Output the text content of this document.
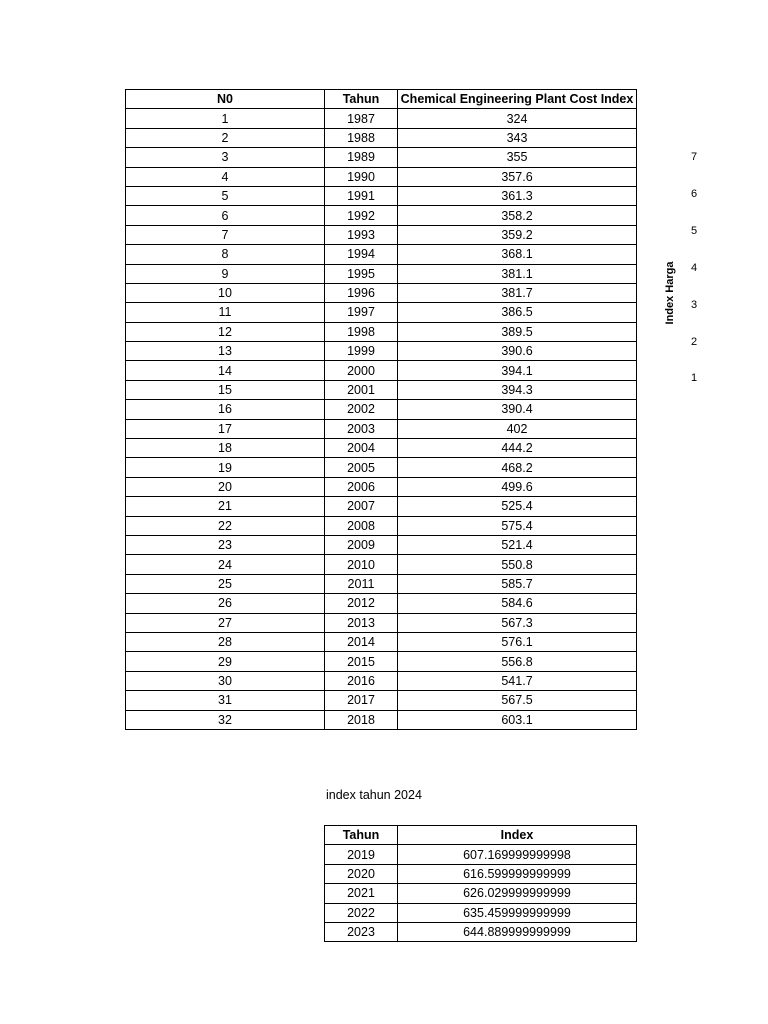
N0	Tahun	Chemical Engineering Plant Cost Index
1	1987	324
2	1988	343
3	1989	355
4	1990	357.6
5	1991	361.3
6	1992	358.2
7	1993	359.2
8	1994	368.1
9	1995	381.1
10	1996	381.7
11	1997	386.5
12	1998	389.5
13	1999	390.6
14	2000	394.1
15	2001	394.3
16	2002	390.4
17	2003	402
18	2004	444.2
19	2005	468.2
20	2006	499.6
21	2007	525.4
22	2008	575.4
23	2009	521.4
24	2010	550.8
25	2011	585.7
26	2012	584.6
27	2013	567.3
28	2014	576.1
29	2015	556.8
30	2016	541.7
31	2017	567.5
32	2018	603.1
index tahun 2024
Tahun	Index
2019	607.169999999998
2020	616.599999999999
2021	626.029999999999
2022	635.459999999999
2023	644.889999999999
Index Harga
7
6
5
4
3
2
1
